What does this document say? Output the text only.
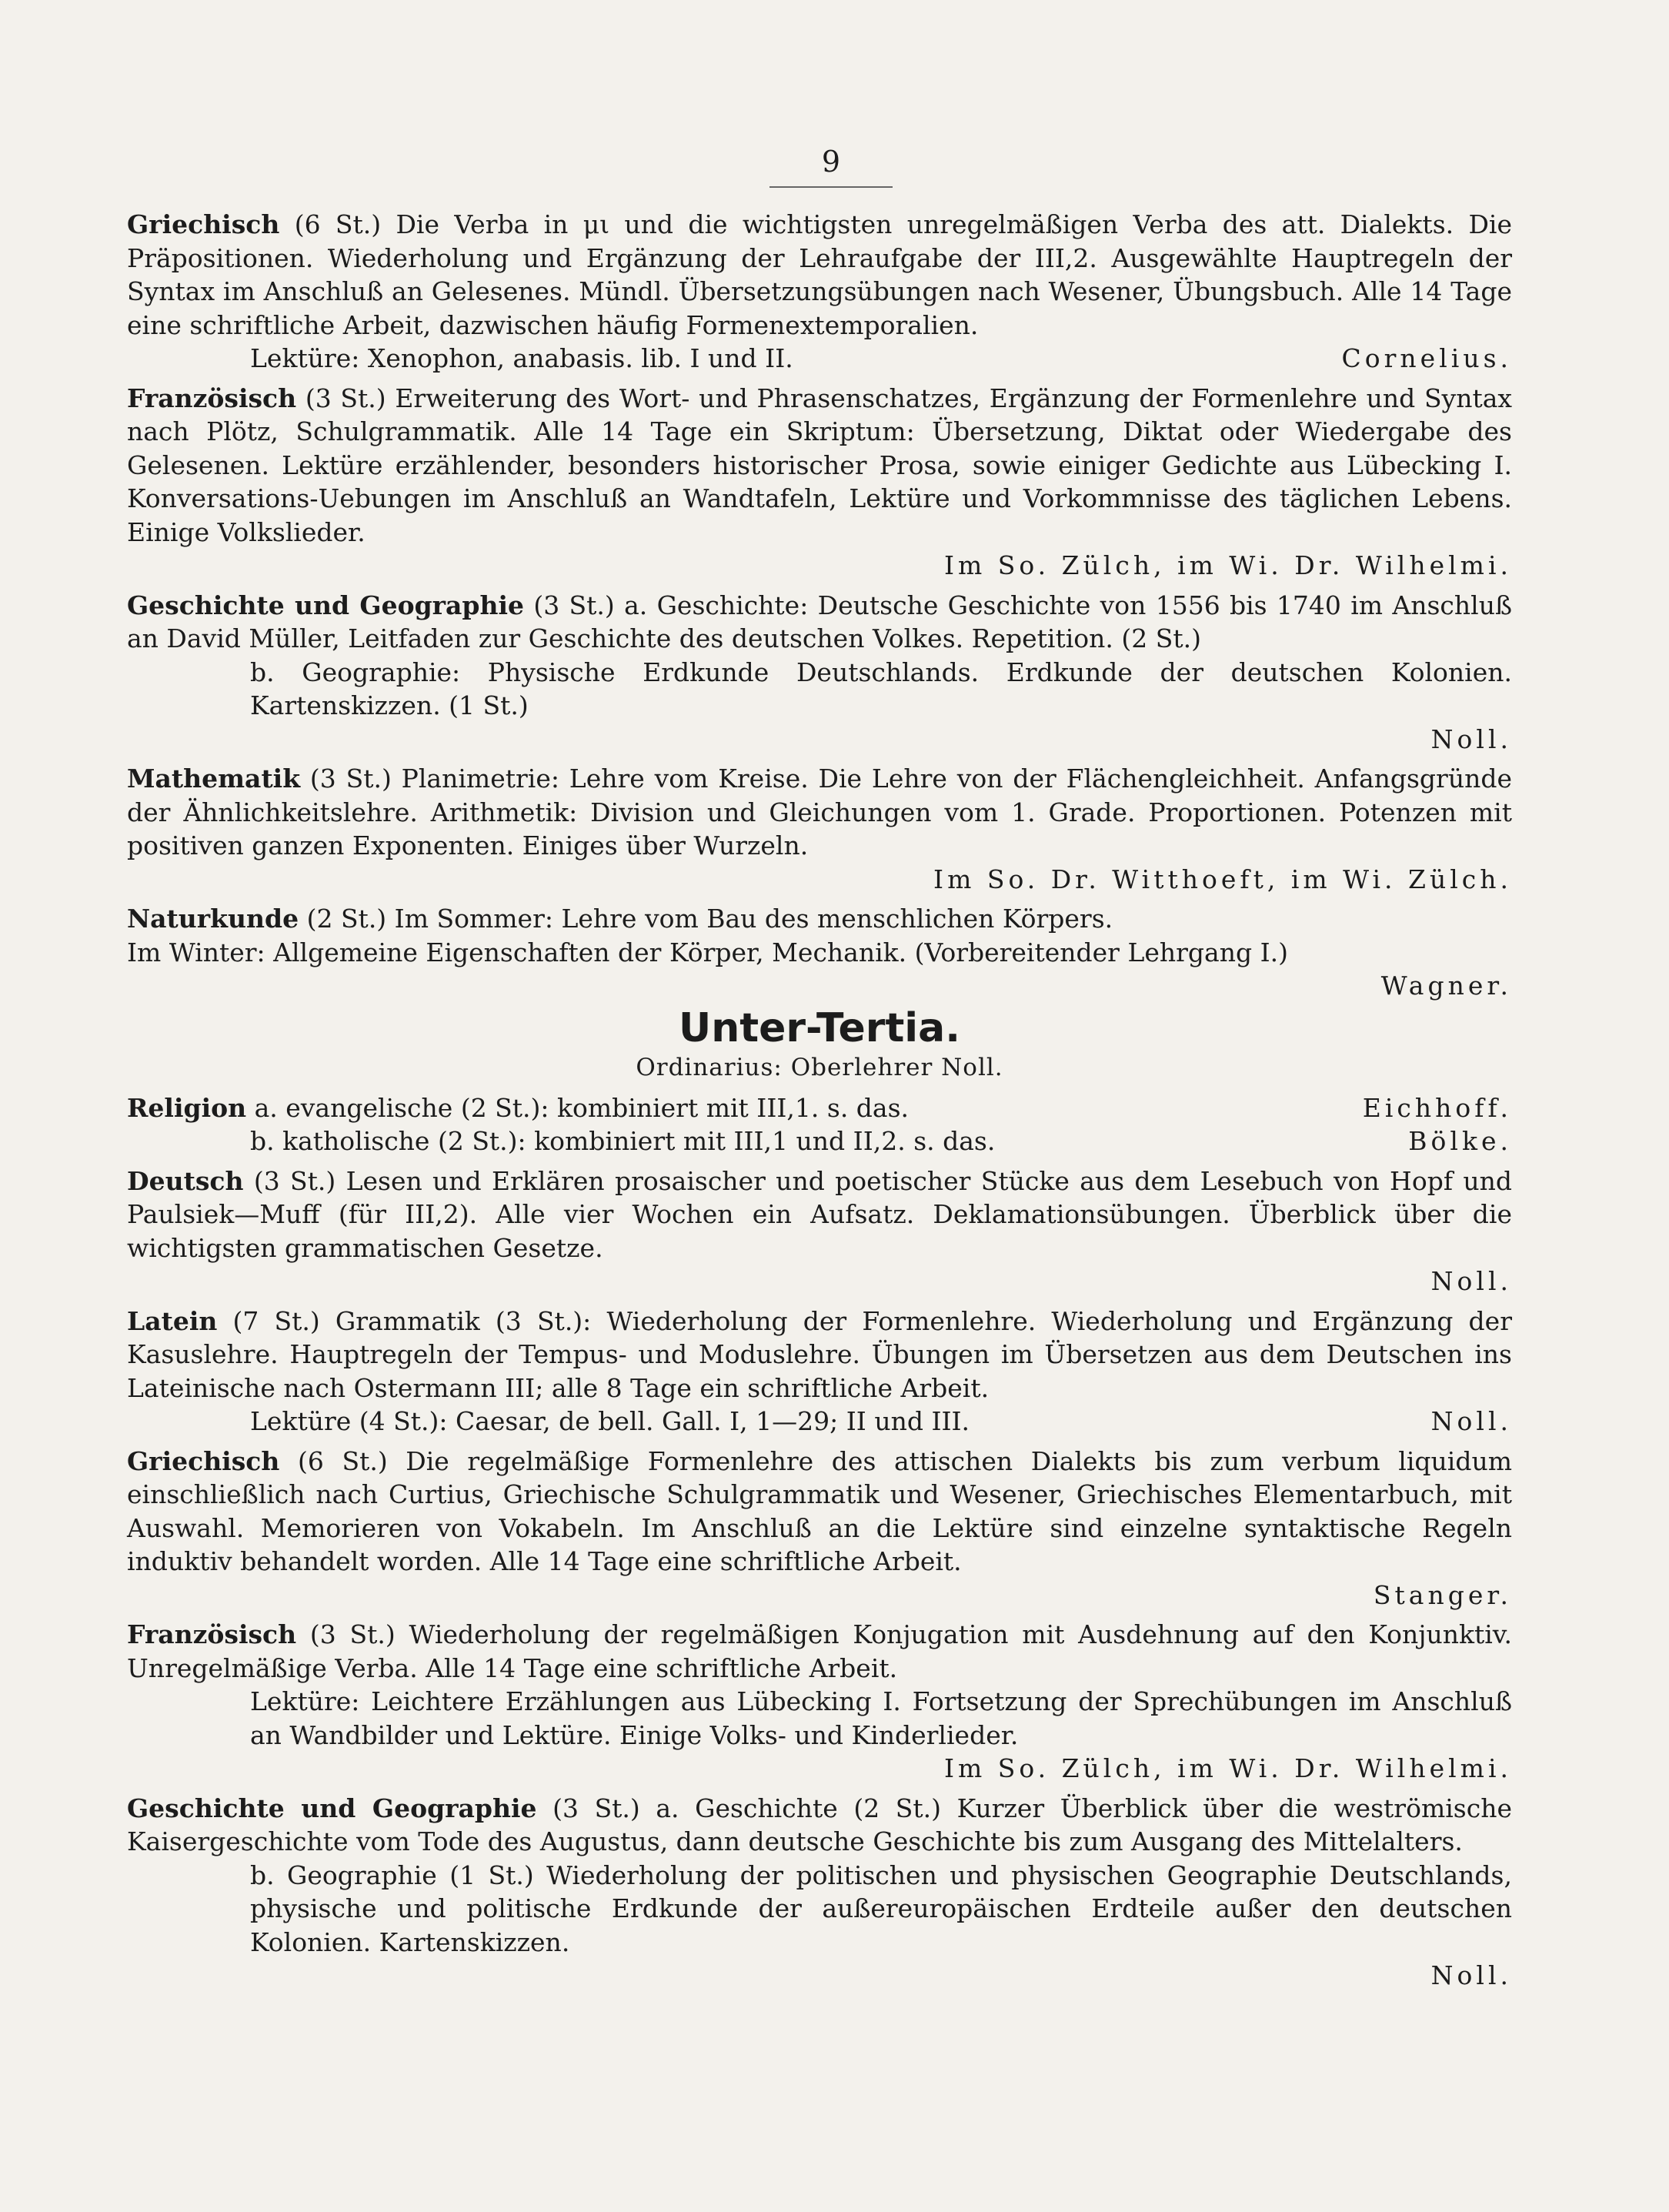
9

Griechisch (6 St.) Die Verba in μι und die wichtigsten unregelmäßigen Verba des att. Dialekts. Die Präpositionen. Wiederholung und Ergänzung der Lehraufgabe der III,2. Ausgewählte Hauptregeln der Syntax im Anschluß an Gelesenes. Mündl. Übersetzungsübungen nach Wesener, Übungsbuch. Alle 14 Tage eine schriftliche Arbeit, dazwischen häufig Formenextemporalien.

Lektüre: Xenophon, anabasis. lib. I und II.	Cornelius.

Französisch (3 St.) Erweiterung des Wort- und Phrasenschatzes, Ergänzung der Formenlehre und Syntax nach Plötz, Schulgrammatik. Alle 14 Tage ein Skriptum: Übersetzung, Diktat oder Wiedergabe des Gelesenen. Lektüre erzählender, besonders historischer Prosa, sowie einiger Gedichte aus Lübecking I. Konversations-Uebungen im Anschluß an Wandtafeln, Lektüre und Vorkommnisse des täglichen Lebens. Einige Volkslieder.

Im So. Zülch, im Wi. Dr. Wilhelmi.

Geschichte und Geographie (3 St.) a. Geschichte: Deutsche Geschichte von 1556 bis 1740 im Anschluß an David Müller, Leitfaden zur Geschichte des deutschen Volkes. Repetition. (2 St.)

b. Geographie: Physische Erdkunde Deutschlands. Erdkunde der deutschen Kolonien. Kartenskizzen. (1 St.)

Noll.

Mathematik (3 St.) Planimetrie: Lehre vom Kreise. Die Lehre von der Flächengleichheit. Anfangsgründe der Ähnlichkeitslehre. Arithmetik: Division und Gleichungen vom 1. Grade. Proportionen. Potenzen mit positiven ganzen Exponenten. Einiges über Wurzeln.

Im So. Dr. Witthoeft, im Wi. Zülch.

Naturkunde (2 St.) Im Sommer: Lehre vom Bau des menschlichen Körpers.

Im Winter: Allgemeine Eigenschaften der Körper, Mechanik. (Vorbereitender Lehrgang I.)

Wagner.

Unter-Tertia.
Ordinarius: Oberlehrer Noll.

Religion a. evangelische (2 St.): kombiniert mit III,1. s. das.	Eichhoff.

b. katholische (2 St.): kombiniert mit III,1 und II,2. s. das.	Bölke.

Deutsch (3 St.) Lesen und Erklären prosaischer und poetischer Stücke aus dem Lesebuch von Hopf und Paulsiek—Muff (für III,2). Alle vier Wochen ein Aufsatz. Deklamationsübungen. Überblick über die wichtigsten grammatischen Gesetze.

Noll.

Latein (7 St.) Grammatik (3 St.): Wiederholung der Formenlehre. Wiederholung und Ergänzung der Kasuslehre. Hauptregeln der Tempus- und Moduslehre. Übungen im Übersetzen aus dem Deutschen ins Lateinische nach Ostermann III; alle 8 Tage ein schriftliche Arbeit.

Lektüre (4 St.): Caesar, de bell. Gall. I, 1—29; II und III.	Noll.

Griechisch (6 St.) Die regelmäßige Formenlehre des attischen Dialekts bis zum verbum liquidum einschließlich nach Curtius, Griechische Schulgrammatik und Wesener, Griechisches Elementarbuch, mit Auswahl. Memorieren von Vokabeln. Im Anschluß an die Lektüre sind einzelne syntaktische Regeln induktiv behandelt worden. Alle 14 Tage eine schriftliche Arbeit.

Stanger.

Französisch (3 St.) Wiederholung der regelmäßigen Konjugation mit Ausdehnung auf den Konjunktiv. Unregelmäßige Verba. Alle 14 Tage eine schriftliche Arbeit.

Lektüre: Leichtere Erzählungen aus Lübecking I. Fortsetzung der Sprechübungen im Anschluß an Wandbilder und Lektüre. Einige Volks- und Kinderlieder.

Im So. Zülch, im Wi. Dr. Wilhelmi.

Geschichte und Geographie (3 St.) a. Geschichte (2 St.) Kurzer Überblick über die weströmische Kaisergeschichte vom Tode des Augustus, dann deutsche Geschichte bis zum Ausgang des Mittelalters.

b. Geographie (1 St.) Wiederholung der politischen und physischen Geographie Deutschlands, physische und politische Erdkunde der außereuropäischen Erdteile außer den deutschen Kolonien. Kartenskizzen.

Noll.
